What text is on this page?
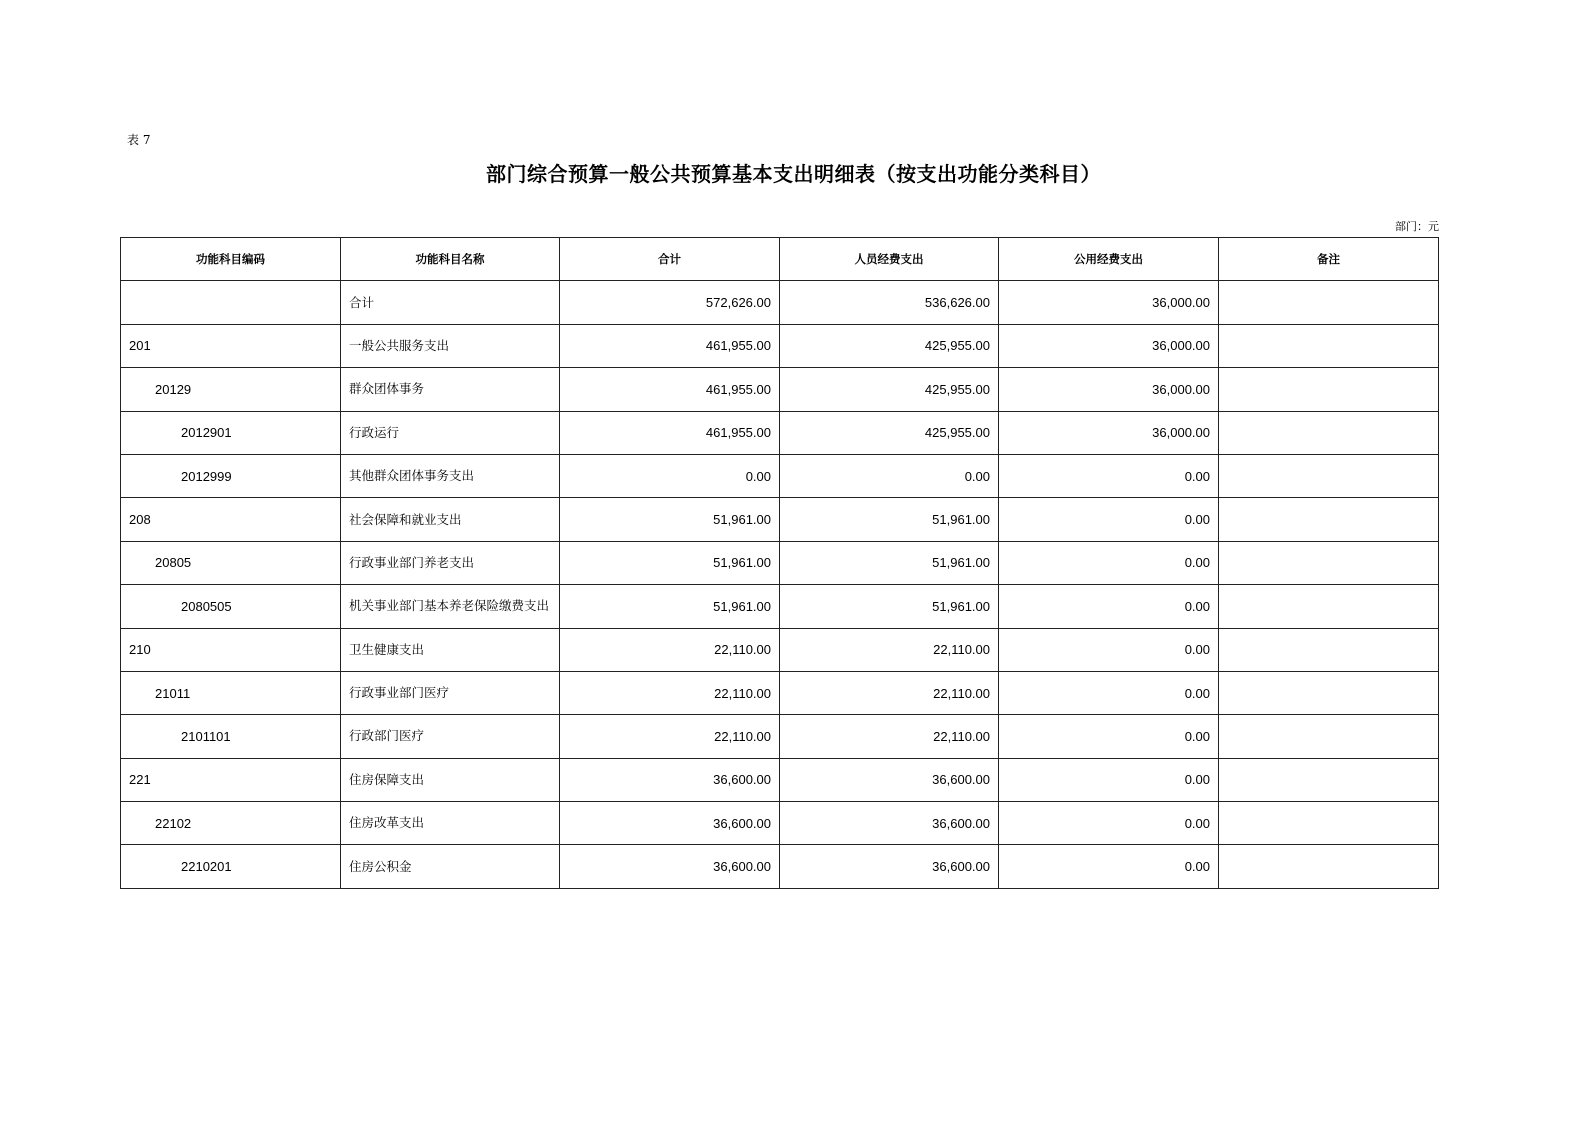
表 7
部门综合预算一般公共预算基本支出明细表（按支出功能分类科目）
部门：元
功能科目编码	功能科目名称	合计	人员经费支出	公用经费支出	备注
	合计	572,626.00	536,626.00	36,000.00	
201	一般公共服务支出	461,955.00	425,955.00	36,000.00	
20129	群众团体事务	461,955.00	425,955.00	36,000.00	
2012901	行政运行	461,955.00	425,955.00	36,000.00	
2012999	其他群众团体事务支出	0.00	0.00	0.00	
208	社会保障和就业支出	51,961.00	51,961.00	0.00	
20805	行政事业部门养老支出	51,961.00	51,961.00	0.00	
2080505	机关事业部门基本养老保险缴费支出	51,961.00	51,961.00	0.00	
210	卫生健康支出	22,110.00	22,110.00	0.00	
21011	行政事业部门医疗	22,110.00	22,110.00	0.00	
2101101	行政部门医疗	22,110.00	22,110.00	0.00	
221	住房保障支出	36,600.00	36,600.00	0.00	
22102	住房改革支出	36,600.00	36,600.00	0.00	
2210201	住房公积金	36,600.00	36,600.00	0.00	
